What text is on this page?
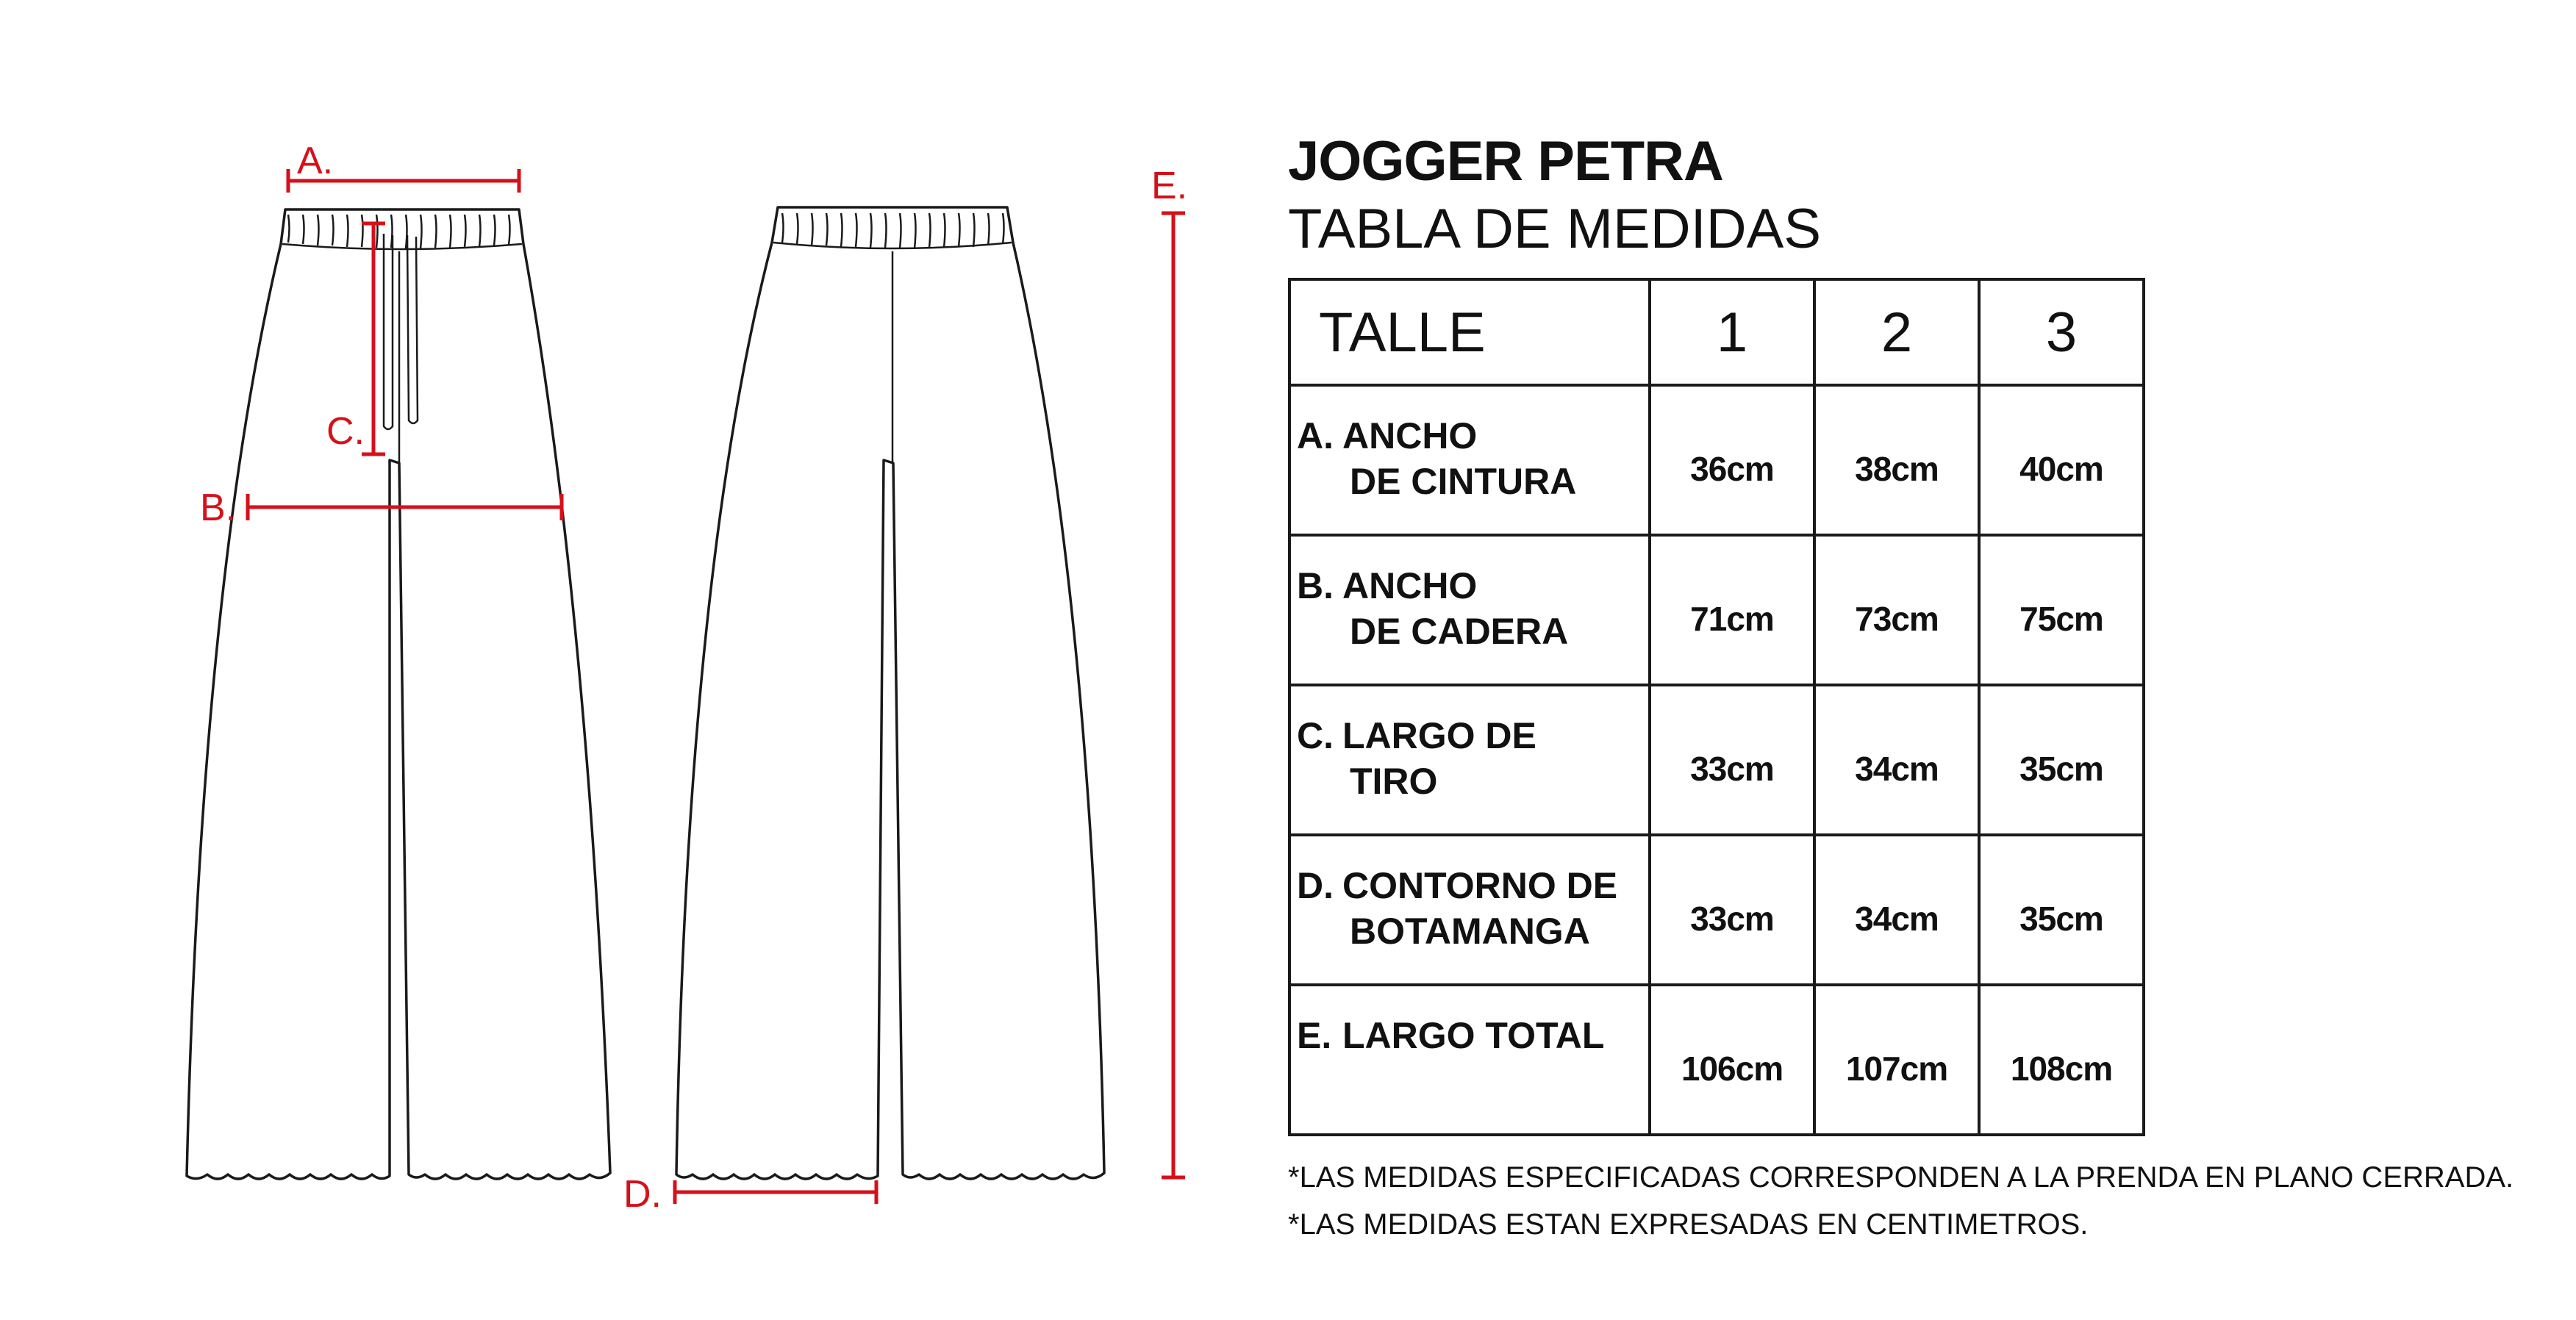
A.
B.
C.
D.
E. JOGGER PETRA
TABLA DE MEDIDAS
TALLE	1	2	3

A. ANCHO
DE CINTURA	36cm	38cm	40cm

B. ANCHO
DE CADERA	71cm	73cm	75cm

C. LARGO DE
TIRO	33cm	34cm	35cm

D. CONTORNO DE
BOTAMANGA	33cm	34cm	35cm

E. LARGO TOTAL	106cm	107cm	108cm
*LAS MEDIDAS ESPECIFICADAS CORRESPONDEN A LA PRENDA EN PLANO CERRADA.
*LAS MEDIDAS ESTAN EXPRESADAS EN CENTIMETROS.
